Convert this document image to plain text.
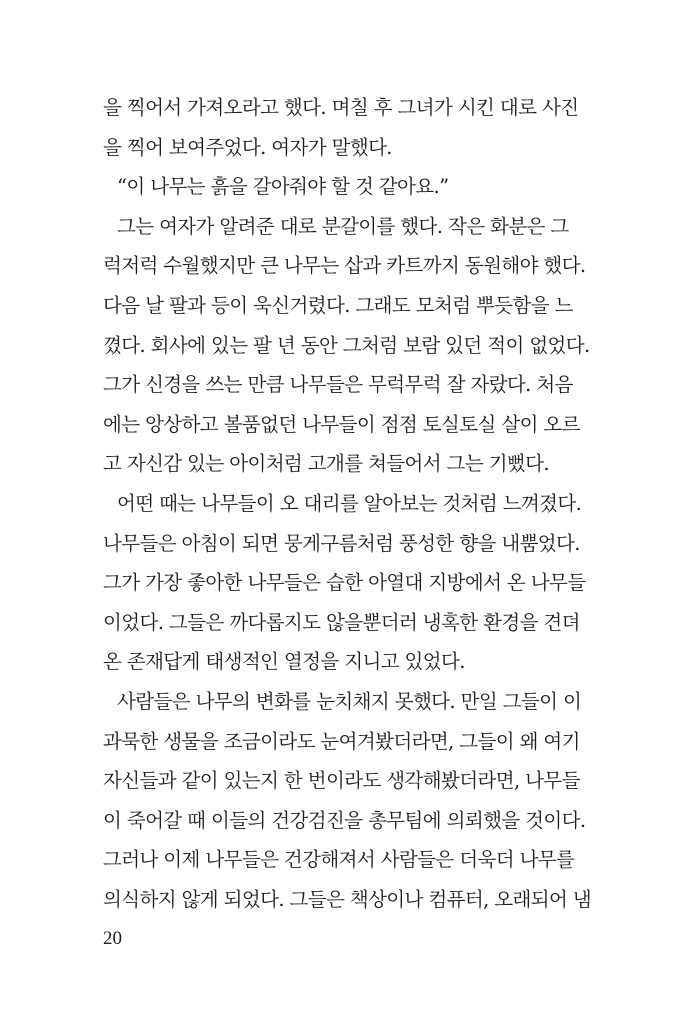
을 찍어서 가져오라고 했다. 며칠 후 그녀가 시킨 대로 사진
을 찍어 보여주었다. 여자가 말했다.
“이 나무는 흙을 갈아줘야 할 것 같아요.”
그는 여자가 알려준 대로 분갈이를 했다. 작은 화분은 그
럭저럭 수월했지만 큰 나무는 삽과 카트까지 동원해야 했다.
다음 날 팔과 등이 욱신거렸다. 그래도 모처럼 뿌듯함을 느
꼈다. 회사에 있는 팔 년 동안 그처럼 보람 있던 적이 없었다.
그가 신경을 쓰는 만큼 나무들은 무럭무럭 잘 자랐다. 처음
에는 앙상하고 볼품없던 나무들이 점점 토실토실 살이 오르
고 자신감 있는 아이처럼 고개를 쳐들어서 그는 기뻤다.
어떤 때는 나무들이 오 대리를 알아보는 것처럼 느껴졌다.
나무들은 아침이 되면 뭉게구름처럼 풍성한 향을 내뿜었다.
그가 가장 좋아한 나무들은 습한 아열대 지방에서 온 나무들
이었다. 그들은 까다롭지도 않을뿐더러 냉혹한 환경을 견뎌
온 존재답게 태생적인 열정을 지니고 있었다.
사람들은 나무의 변화를 눈치채지 못했다. 만일 그들이 이
과묵한 생물을 조금이라도 눈여겨봤더라면, 그들이 왜 여기
자신들과 같이 있는지 한 번이라도 생각해봤더라면, 나무들
이 죽어갈 때 이들의 건강검진을 총무팀에 의뢰했을 것이다.
그러나 이제 나무들은 건강해져서 사람들은 더욱더 나무를
의식하지 않게 되었다. 그들은 책상이나 컴퓨터, 오래되어 냄
20
